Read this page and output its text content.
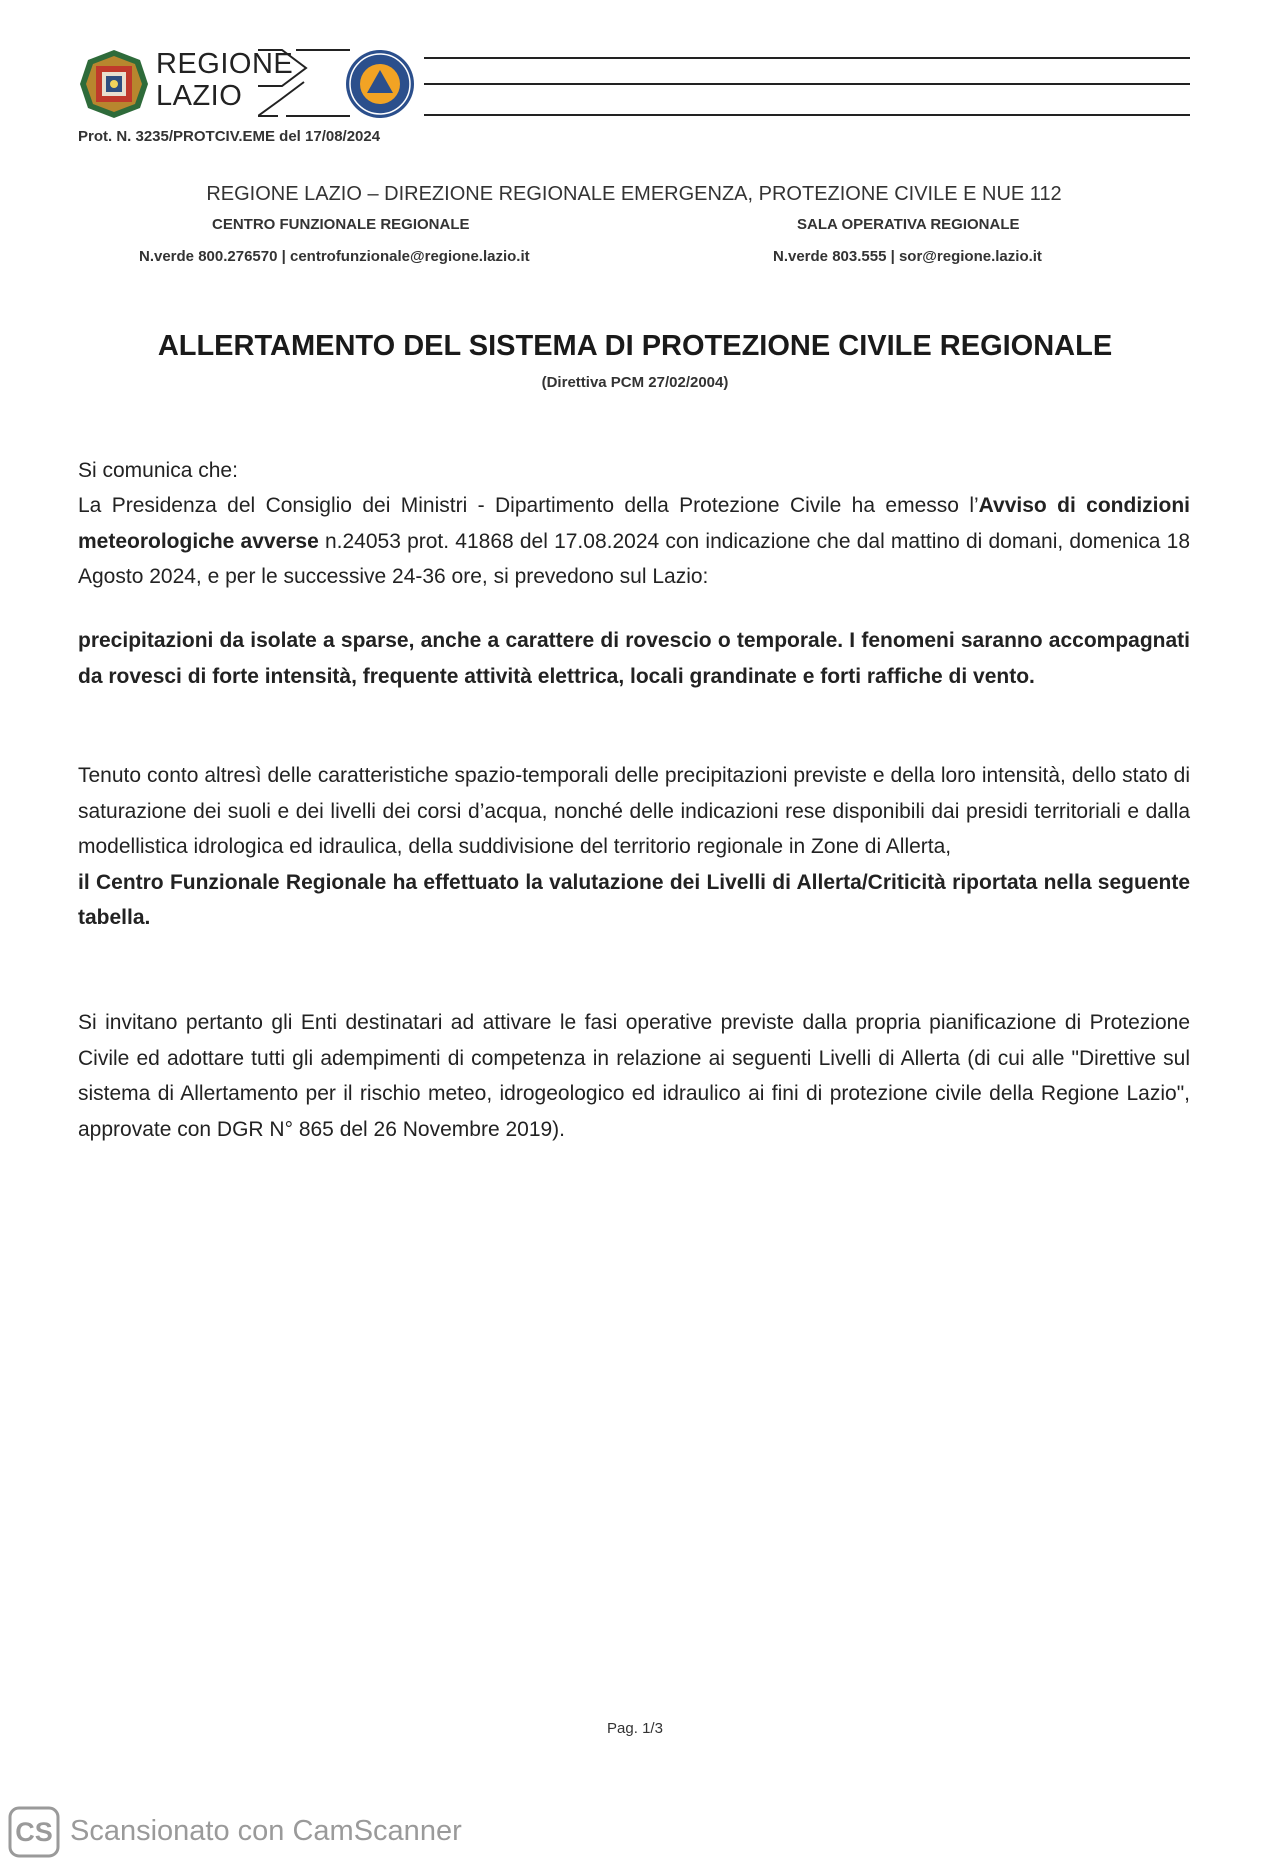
REGIONE
LAZIO
Prot. N. 3235/PROTCIV.EME del 17/08/2024
REGIONE LAZIO – DIREZIONE REGIONALE EMERGENZA, PROTEZIONE CIVILE E NUE 112
CENTRO FUNZIONALE REGIONALE	SALA OPERATIVA REGIONALE
N.verde 800.276570 | centrofunzionale@regione.lazio.it	N.verde 803.555 | sor@regione.lazio.it
ALLERTAMENTO DEL SISTEMA DI PROTEZIONE CIVILE REGIONALE
(Direttiva PCM 27/02/2004)
Si comunica che:
La Presidenza del Consiglio dei Ministri - Dipartimento della Protezione Civile ha emesso l’Avviso di condizioni meteorologiche avverse n.24053 prot. 41868 del 17.08.2024 con indicazione che dal mattino di domani, domenica 18 Agosto 2024, e per le successive 24-36 ore, si prevedono sul Lazio:
precipitazioni da isolate a sparse, anche a carattere di rovescio o temporale. I fenomeni saranno accompagnati da rovesci di forte intensità, frequente attività elettrica, locali grandinate e forti raffiche di vento.
Tenuto conto altresì delle caratteristiche spazio-temporali delle precipitazioni previste e della loro intensità, dello stato di saturazione dei suoli e dei livelli dei corsi d’acqua, nonché delle indicazioni rese disponibili dai presidi territoriali e dalla modellistica idrologica ed idraulica, della suddivisione del territorio regionale in Zone di Allerta,
il Centro Funzionale Regionale ha effettuato la valutazione dei Livelli di Allerta/Criticità riportata nella seguente tabella.
Si invitano pertanto gli Enti destinatari ad attivare le fasi operative previste dalla propria pianificazione di Protezione Civile ed adottare tutti gli adempimenti di competenza in relazione ai seguenti Livelli di Allerta (di cui alle "Direttive sul sistema di Allertamento per il rischio meteo, idrogeologico ed idraulico ai fini di protezione civile della Regione Lazio", approvate con DGR N° 865 del 26 Novembre 2019).
Pag. 1/3
CS Scansionato con CamScanner
